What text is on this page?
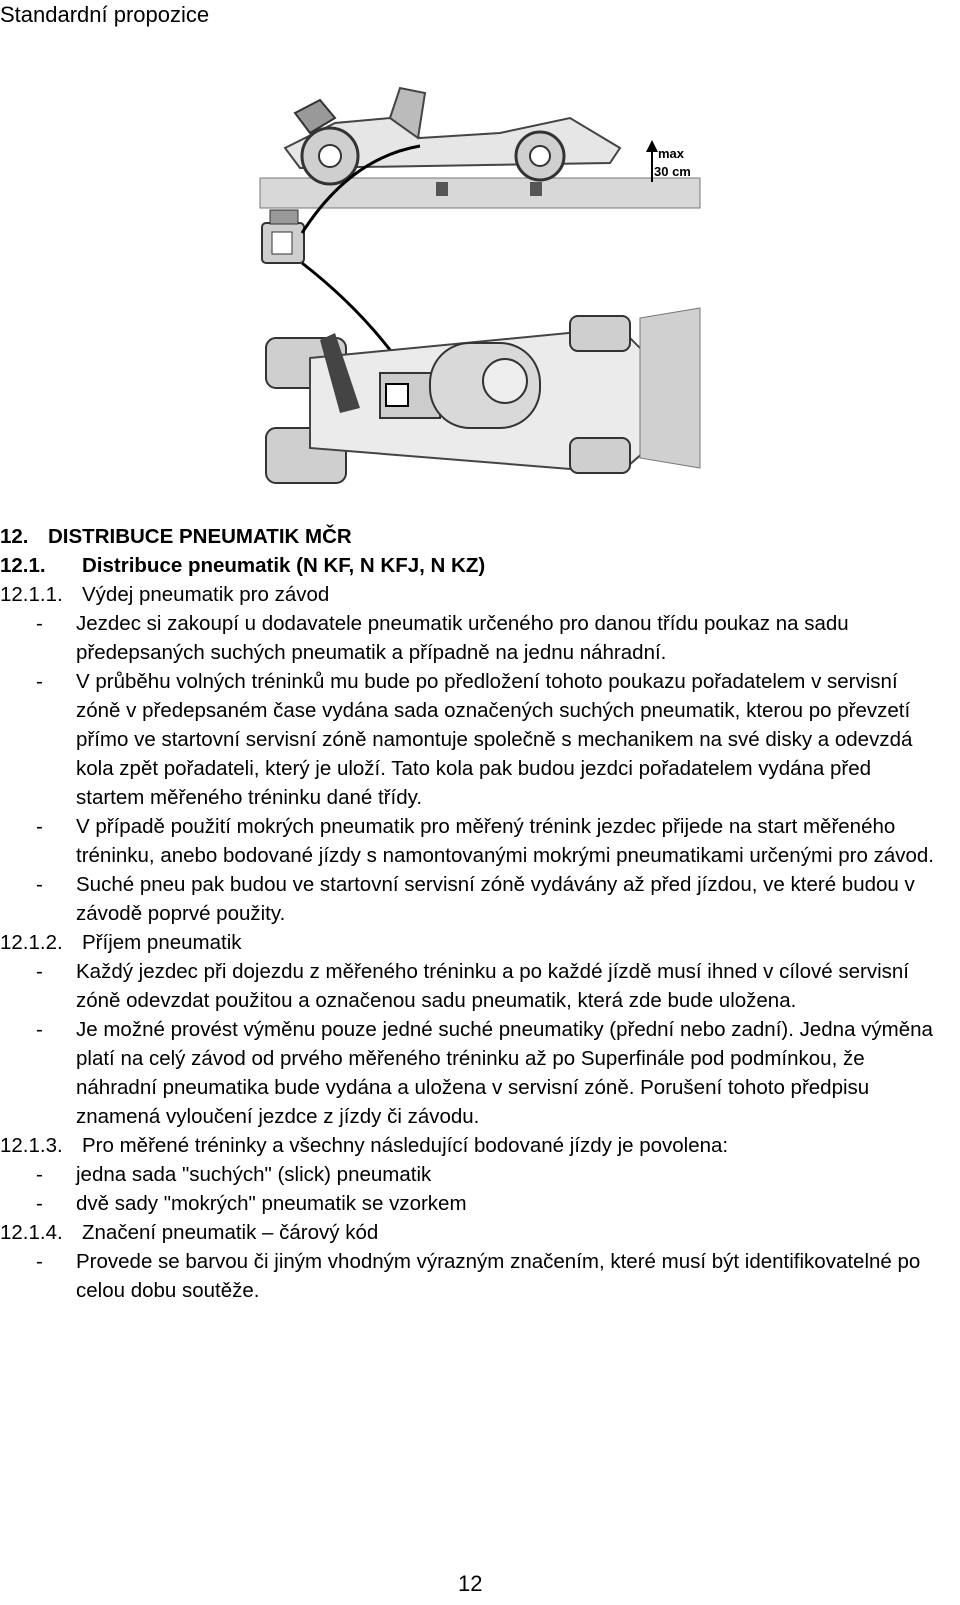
Standardní propozice
max
30 cm
12. DISTRIBUCE PNEUMATIK MČR
12.1.	Distribuce pneumatik (N KF, N KFJ, N KZ)
12.1.1. Výdej pneumatik pro závod
-	Jezdec si zakoupí u dodavatele pneumatik určeného pro danou třídu poukaz na sadu předepsaných suchých pneumatik a případně na jednu náhradní.
-	V průběhu volných tréninků mu bude po předložení tohoto poukazu pořadatelem v servisní zóně v předepsaném čase vydána sada označených suchých pneumatik, kterou po převzetí přímo ve startovní servisní zóně namontuje společně s mechanikem na své disky a odevzdá kola zpět pořadateli, který je uloží. Tato kola pak budou jezdci pořadatelem vydána před startem měřeného tréninku dané třídy.
-	V případě použití mokrých pneumatik pro měřený trénink jezdec přijede na start měřeného tréninku, anebo bodované jízdy s namontovanými mokrými pneumatikami určenými pro závod.
-	Suché pneu pak budou ve startovní servisní zóně vydávány až před jízdou, ve které budou v závodě poprvé použity.
12.1.2. Příjem pneumatik
-	Každý jezdec při dojezdu z měřeného tréninku a po každé jízdě musí ihned v cílové servisní zóně odevzdat použitou a označenou sadu pneumatik, která zde bude uložena.
-	Je možné provést výměnu pouze jedné suché pneumatiky (přední nebo zadní). Jedna výměna platí na celý závod od prvého měřeného tréninku až po Superfinále pod podmínkou, že náhradní pneumatika bude vydána a uložena v servisní zóně. Porušení tohoto předpisu znamená vyloučení jezdce z jízdy či závodu.
12.1.3. Pro měřené tréninky a všechny následující bodované jízdy je povolena:
-	jedna sada "suchých" (slick) pneumatik
-	dvě sady "mokrých" pneumatik se vzorkem
12.1.4. Značení pneumatik – čárový kód
-	Provede se barvou či jiným vhodným výrazným značením, které musí být identifikovatelné po celou dobu soutěže.
12
